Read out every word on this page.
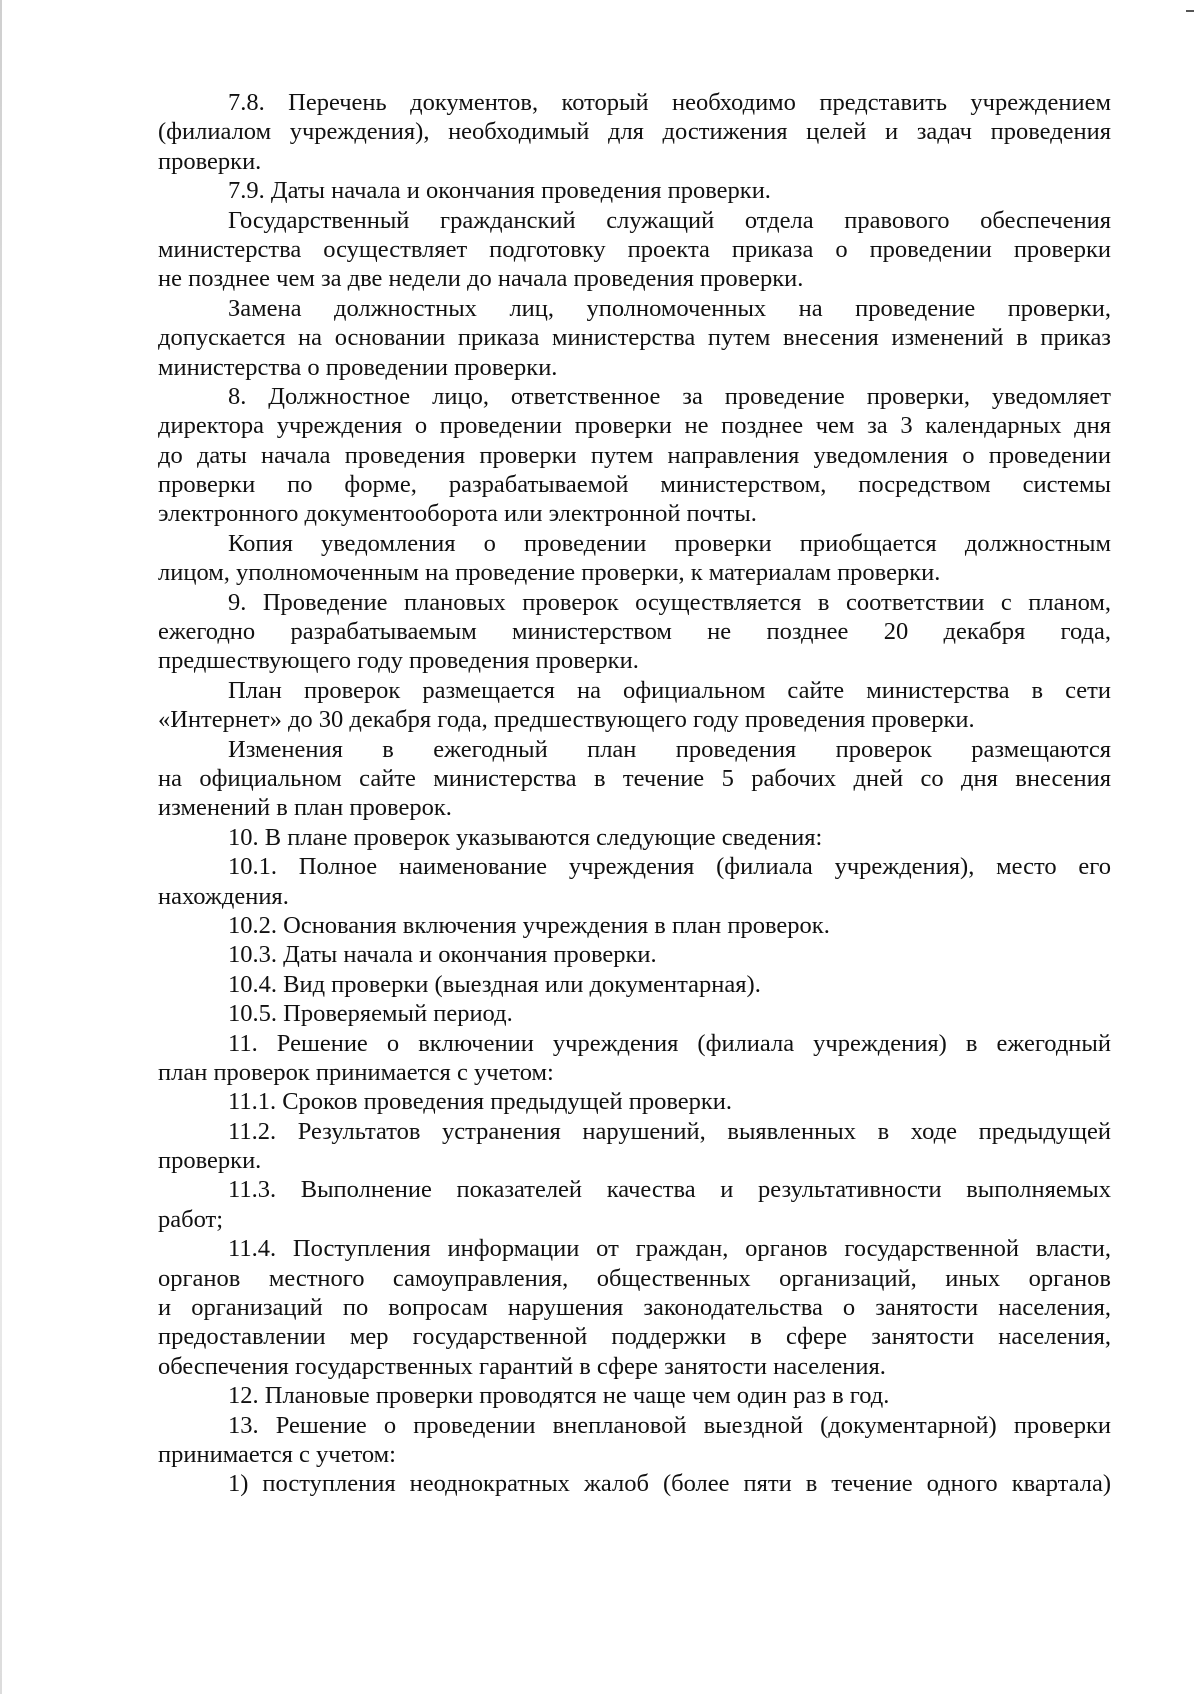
7.8. Перечень документов, который необходимо представить учреждением
(филиалом учреждения), необходимый для достижения целей и задач проведения
проверки.
7.9. Даты начала и окончания проведения проверки.
Государственный гражданский служащий отдела правового обеспечения
министерства осуществляет подготовку проекта приказа о проведении проверки
не позднее чем за две недели до начала проведения проверки.
Замена должностных лиц, уполномоченных на проведение проверки,
допускается на основании приказа министерства путем внесения изменений в приказ
министерства о проведении проверки.
8. Должностное лицо, ответственное за проведение проверки, уведомляет
директора учреждения о проведении проверки не позднее чем за 3 календарных дня
до даты начала проведения проверки путем направления уведомления о проведении
проверки по форме, разрабатываемой министерством, посредством системы
электронного документооборота или электронной почты.
Копия уведомления о проведении проверки приобщается должностным
лицом, уполномоченным на проведение проверки, к материалам проверки.
9. Проведение плановых проверок осуществляется в соответствии с планом,
ежегодно разрабатываемым министерством не позднее 20 декабря года,
предшествующего году проведения проверки.
План проверок размещается на официальном сайте министерства в сети
«Интернет» до 30 декабря года, предшествующего году проведения проверки.
Изменения в ежегодный план проведения проверок размещаются
на официальном сайте министерства в течение 5 рабочих дней со дня внесения
изменений в план проверок.
10. В плане проверок указываются следующие сведения:
10.1. Полное наименование учреждения (филиала учреждения), место его
нахождения.
10.2. Основания включения учреждения в план проверок.
10.3. Даты начала и окончания проверки.
10.4. Вид проверки (выездная или документарная).
10.5. Проверяемый период.
11. Решение о включении учреждения (филиала учреждения) в ежегодный
план проверок принимается с учетом:
11.1. Сроков проведения предыдущей проверки.
11.2. Результатов устранения нарушений, выявленных в ходе предыдущей
проверки.
11.3. Выполнение показателей качества и результативности выполняемых
работ;
11.4. Поступления информации от граждан, органов государственной власти,
органов местного самоуправления, общественных организаций, иных органов
и организаций по вопросам нарушения законодательства о занятости населения,
предоставлении мер государственной поддержки в сфере занятости населения,
обеспечения государственных гарантий в сфере занятости населения.
12. Плановые проверки проводятся не чаще чем один раз в год.
13. Решение о проведении внеплановой выездной (документарной) проверки
принимается с учетом:
1) поступления неоднократных жалоб (более пяти в течение одного квартала)
